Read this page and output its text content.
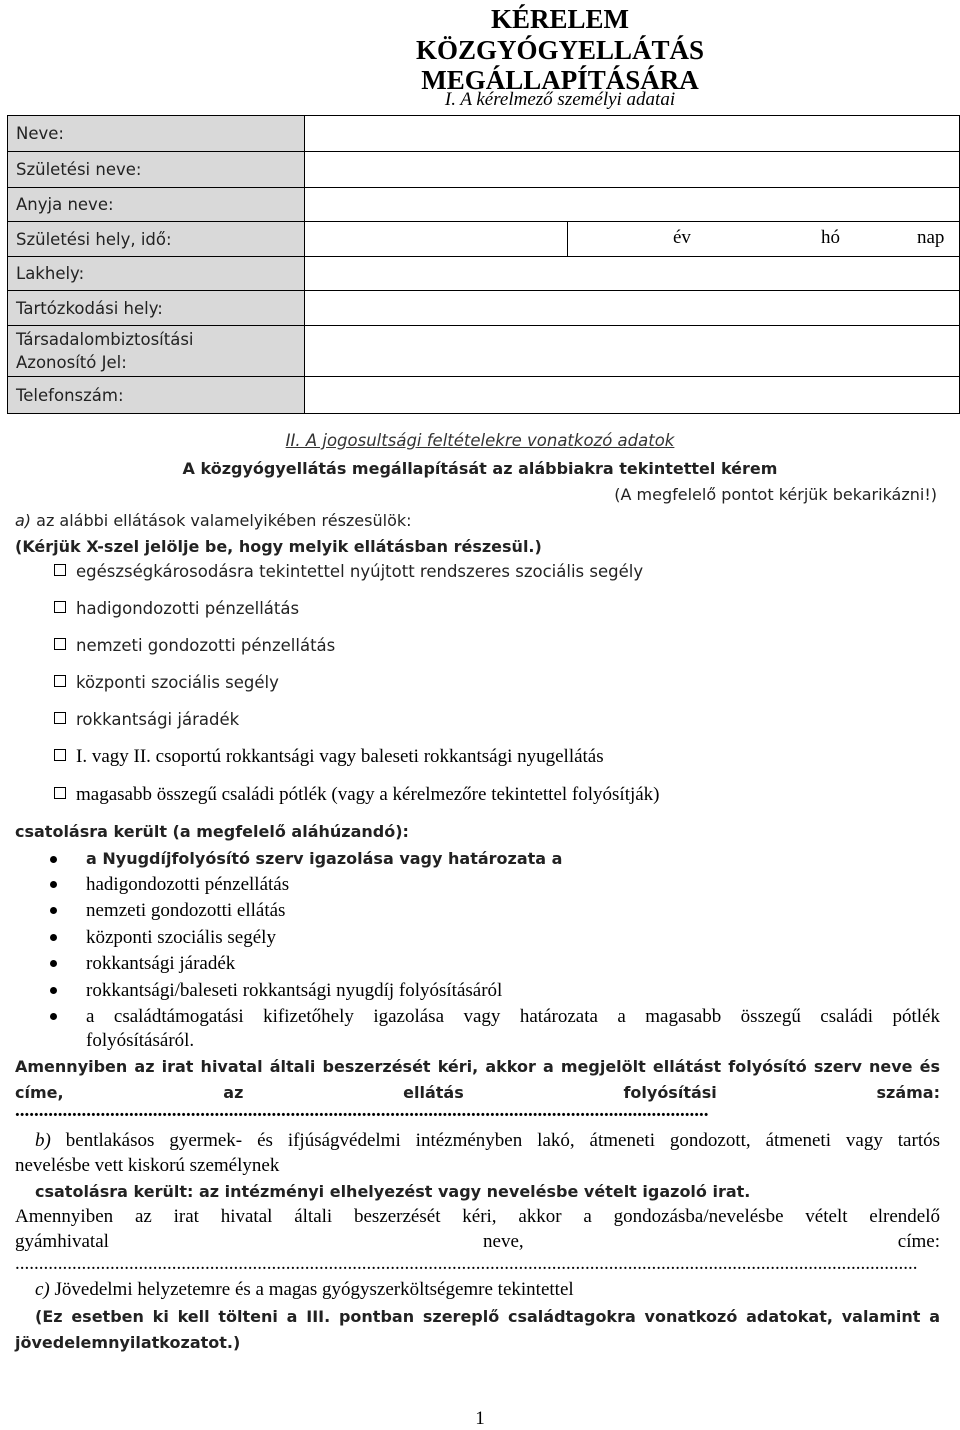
KÉRELEM
KÖZGYÓGYELLÁTÁS MEGÁLLAPÍTÁSÁRA
I. A kérelmező személyi adatai
Neve:	
Születési neve:	
Anyja neve:	
Születési hely, idő:	év hó nap

Lakhely:	
Tartózkodási hely:	

Társadalombiztosítási
Azonosító Jel:	

Telefonszám:	
II. A jogosultsági feltételekre vonatkozó adatok
A közgyógyellátás megállapítását az alábbiakra tekintettel kérem
(A megfelelő pontot kérjük bekarikázni!)
a) az alábbi ellátások valamelyikében részesülök:
(Kérjük X-szel jelölje be, hogy melyik ellátásban részesül.)
egészségkárosodásra tekintettel nyújtott rendszeres szociális segély
hadigondozotti pénzellátás
nemzeti gondozotti pénzellátás
központi szociális segély
rokkantsági járadék
I. vagy II. csoportú rokkantsági vagy baleseti rokkantsági nyugellátás
magasabb összegű családi pótlék (vagy a kérelmezőre tekintettel folyósítják)
csatolásra került (a megfelelő aláhúzandó):
a Nyugdíjfolyósító szerv igazolása vagy határozata a
hadigondozotti pénzellátás
nemzeti gondozotti ellátás
központi szociális segély
rokkantsági járadék
rokkantsági/baleseti rokkantsági nyugdíj folyósításáról
a családtámogatási kifizetőhely igazolása vagy határozata a magasabb összegű családi pótlék
folyósításáról.
Amennyiben az irat hivatal általi beszerzését kéri, akkor a megjelölt ellátást folyósító szerv neve és
címe, az ellátás folyósítási száma:
..................................................................................................................................................
b) bentlakásos gyermek- és ifjúságvédelmi intézményben lakó, átmeneti gondozott, átmeneti vagy tartós
nevelésbe vett kiskorú személynek
csatolásra került: az intézményi elhelyezést vagy nevelésbe vételt igazoló irat.
Amennyiben az irat hivatal általi beszerzését kéri, akkor a gondozásba/nevelésbe vételt elrendelő
gyámhivatal neve, címe:
..............................................................................................................................................................................................
c) Jövedelmi helyzetemre és a magas gyógyszerköltségemre tekintettel
(Ez esetben ki kell tölteni a III. pontban szereplő családtagokra vonatkozó adatokat, valamint a
jövedelemnyilatkozatot.)
1
